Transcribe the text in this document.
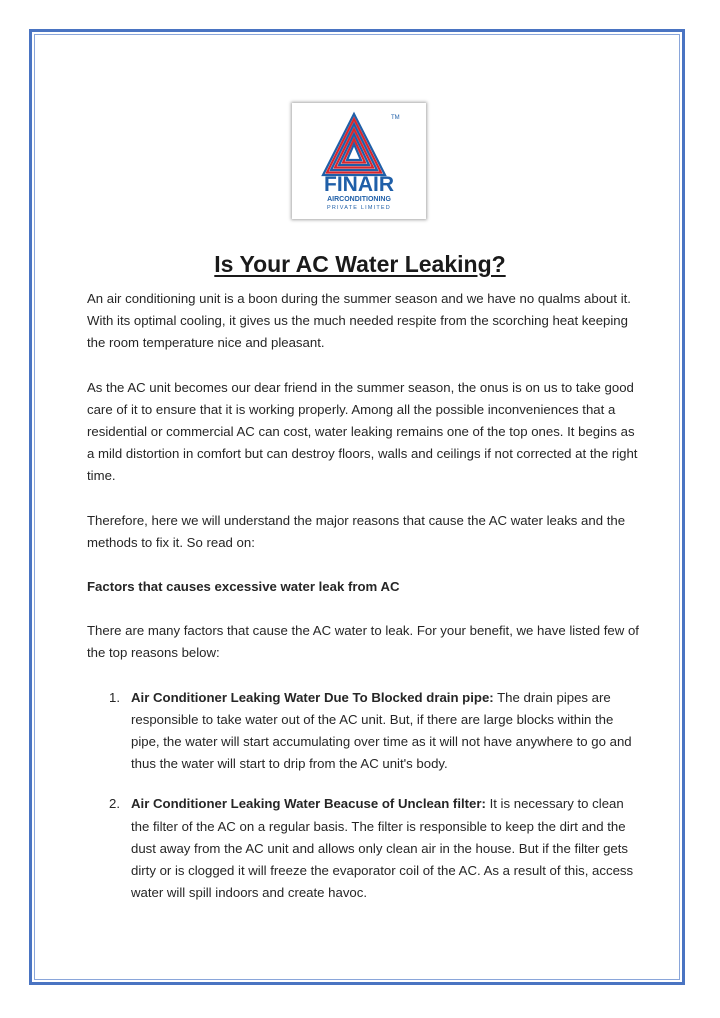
TM
FINAIR
AIRCONDITIONING
PRIVATE LIMITED
Is Your AC Water Leaking?

An air conditioning unit is a boon during the summer season and we have no qualms about it. With its optimal cooling, it gives us the much needed respite from the scorching heat keeping the room temperature nice and pleasant.

As the AC unit becomes our dear friend in the summer season, the onus is on us to take good care of it to ensure that it is working properly. Among all the possible inconveniences that a residential or commercial AC can cost, water leaking remains one of the top ones. It begins as a mild distortion in comfort but can destroy floors, walls and ceilings if not corrected at the right time.

Therefore, here we will understand the major reasons that cause the AC water leaks and the methods to fix it. So read on:

Factors that causes excessive water leak from AC

There are many factors that cause the AC water to leak. For your benefit, we have listed few of the top reasons below:

1. Air Conditioner Leaking Water Due To Blocked drain pipe: The drain pipes are responsible to take water out of the AC unit. But, if there are large blocks within the pipe, the water will start accumulating over time as it will not have anywhere to go and thus the water will start to drip from the AC unit's body.
2. Air Conditioner Leaking Water Beacuse of Unclean filter: It is necessary to clean the filter of the AC on a regular basis. The filter is responsible to keep the dirt and the dust away from the AC unit and allows only clean air in the house. But if the filter gets dirty or is clogged it will freeze the evaporator coil of the AC. As a result of this, access water will spill indoors and create havoc.
